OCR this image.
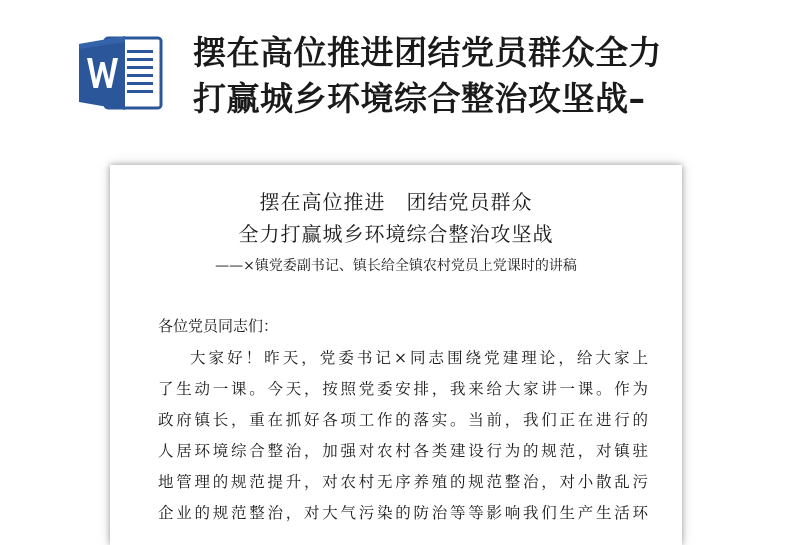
摆在高位推进团结党员群众全力
打赢城乡环境综合整治攻坚战–
摆在高位推进　团结党员群众
全力打赢城乡环境综合整治攻坚战
——×镇党委副书记、镇长给全镇农村党员上党课时的讲稿
各位党员同志们：
大家好！昨天，党委书记×同志围绕党建理论，给大家上
了生动一课。今天，按照党委安排，我来给大家讲一课。作为
政府镇长，重在抓好各项工作的落实。当前，我们正在进行的
人居环境综合整治，加强对农村各类建设行为的规范，对镇驻
地管理的规范提升，对农村无序养殖的规范整治，对小散乱污
企业的规范整治，对大气污染的防治等等影响我们生产生活环
